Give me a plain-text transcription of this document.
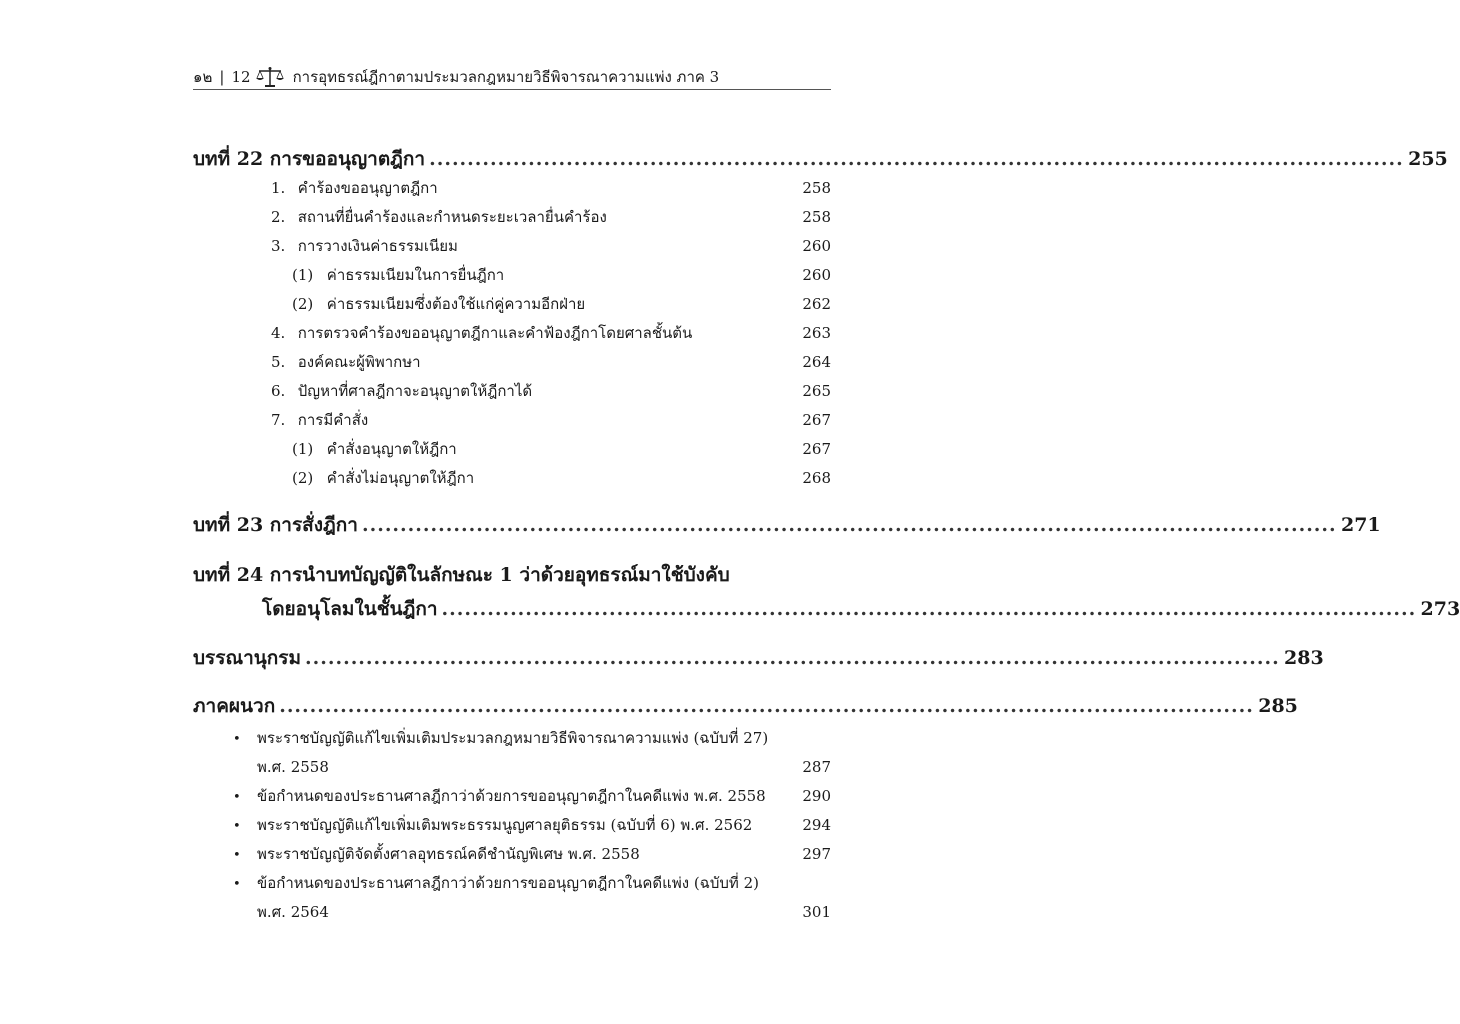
๑๒ | 12	การอุทธรณ์ฎีกาตามประมวลกฎหมายวิธีพิจารณาความแพ่ง ภาค 3
บทที่ 22 การขออนุญาตฎีกา ................................................................................................................................ 255
1. คำร้องขออนุญาตฎีกา	258
2. สถานที่ยื่นคำร้องและกำหนดระยะเวลายื่นคำร้อง	258
3. การวางเงินค่าธรรมเนียม	260
(1) ค่าธรรมเนียมในการยื่นฎีกา	260
(2) ค่าธรรมเนียมซึ่งต้องใช้แก่คู่ความอีกฝ่าย	262
4. การตรวจคำร้องขออนุญาตฎีกาและคำฟ้องฎีกาโดยศาลชั้นต้น	263
5. องค์คณะผู้พิพากษา	264
6. ปัญหาที่ศาลฎีกาจะอนุญาตให้ฎีกาได้	265
7. การมีคำสั่ง	267
(1) คำสั่งอนุญาตให้ฎีกา	267
(2) คำสั่งไม่อนุญาตให้ฎีกา	268
บทที่ 23 การสั่งฎีกา ................................................................................................................................ 271
บทที่ 24 การนำบทบัญญัติในลักษณะ 1 ว่าด้วยอุทธรณ์มาใช้บังคับ
โดยอนุโลมในชั้นฎีกา ................................................................................................................................ 273
บรรณานุกรม ................................................................................................................................ 283
ภาคผนวก ................................................................................................................................ 285
• พระราชบัญญัติแก้ไขเพิ่มเติมประมวลกฎหมายวิธีพิจารณาความแพ่ง (ฉบับที่ 27)
พ.ศ. 2558	287
• ข้อกำหนดของประธานศาลฎีกาว่าด้วยการขออนุญาตฎีกาในคดีแพ่ง พ.ศ. 2558 290
• พระราชบัญญัติแก้ไขเพิ่มเติมพระธรรมนูญศาลยุติธรรม (ฉบับที่ 6) พ.ศ. 2562	294
• พระราชบัญญัติจัดตั้งศาลอุทธรณ์คดีชำนัญพิเศษ พ.ศ. 2558	297
• ข้อกำหนดของประธานศาลฎีกาว่าด้วยการขออนุญาตฎีกาในคดีแพ่ง (ฉบับที่ 2)
พ.ศ. 2564	301
